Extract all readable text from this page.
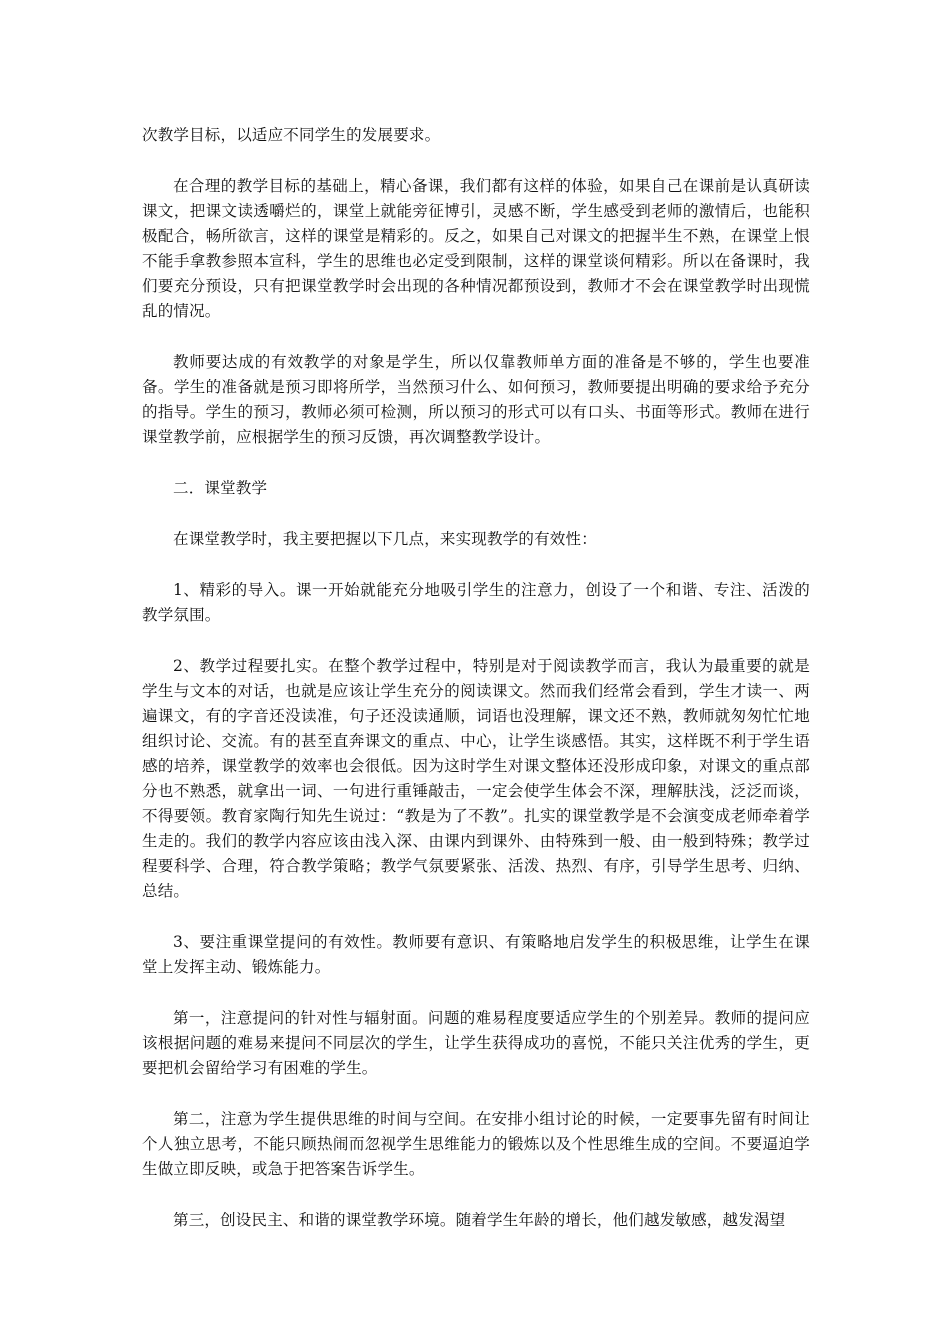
次教学目标，以适应不同学生的发展要求。

在合理的教学目标的基础上，精心备课，我们都有这样的体验，如果自己在课前是认真研读课文，把课文读透嚼烂的，课堂上就能旁征博引，灵感不断，学生感受到老师的激情后，也能积极配合，畅所欲言，这样的课堂是精彩的。反之，如果自己对课文的把握半生不熟，在课堂上恨不能手拿教参照本宣科，学生的思维也必定受到限制，这样的课堂谈何精彩。所以在备课时，我们要充分预设，只有把课堂教学时会出现的各种情况都预设到，教师才不会在课堂教学时出现慌乱的情况。

教师要达成的有效教学的对象是学生，所以仅靠教师单方面的准备是不够的，学生也要准备。学生的准备就是预习即将所学，当然预习什么、如何预习，教师要提出明确的要求给予充分的指导。学生的预习，教师必须可检测，所以预习的形式可以有口头、书面等形式。教师在进行课堂教学前，应根据学生的预习反馈，再次调整教学设计。

二．课堂教学

在课堂教学时，我主要把握以下几点，来实现教学的有效性：

1、精彩的导入。课一开始就能充分地吸引学生的注意力，创设了一个和谐、专注、活泼的教学氛围。

2、教学过程要扎实。在整个教学过程中，特别是对于阅读教学而言，我认为最重要的就是学生与文本的对话，也就是应该让学生充分的阅读课文。然而我们经常会看到，学生才读一、两遍课文，有的字音还没读准，句子还没读通顺，词语也没理解，课文还不熟，教师就匆匆忙忙地组织讨论、交流。有的甚至直奔课文的重点、中心，让学生谈感悟。其实，这样既不利于学生语感的培养，课堂教学的效率也会很低。因为这时学生对课文整体还没形成印象，对课文的重点部分也不熟悉，就拿出一词、一句进行重锤敲击，一定会使学生体会不深，理解肤浅，泛泛而谈，不得要领。教育家陶行知先生说过：“教是为了不教”。扎实的课堂教学是不会演变成老师牵着学生走的。我们的教学内容应该由浅入深、由课内到课外、由特殊到一般、由一般到特殊；教学过程要科学、合理，符合教学策略；教学气氛要紧张、活泼、热烈、有序，引导学生思考、归纳、总结。

3、要注重课堂提问的有效性。教师要有意识、有策略地启发学生的积极思维，让学生在课堂上发挥主动、锻炼能力。

第一，注意提问的针对性与辐射面。问题的难易程度要适应学生的个别差异。教师的提问应该根据问题的难易来提问不同层次的学生，让学生获得成功的喜悦，不能只关注优秀的学生，更要把机会留给学习有困难的学生。

第二，注意为学生提供思维的时间与空间。在安排小组讨论的时候，一定要事先留有时间让个人独立思考，不能只顾热闹而忽视学生思维能力的锻炼以及个性思维生成的空间。不要逼迫学生做立即反映，或急于把答案告诉学生。

第三，创设民主、和谐的课堂教学环境。随着学生年龄的增长，他们越发敏感，越发渴望
